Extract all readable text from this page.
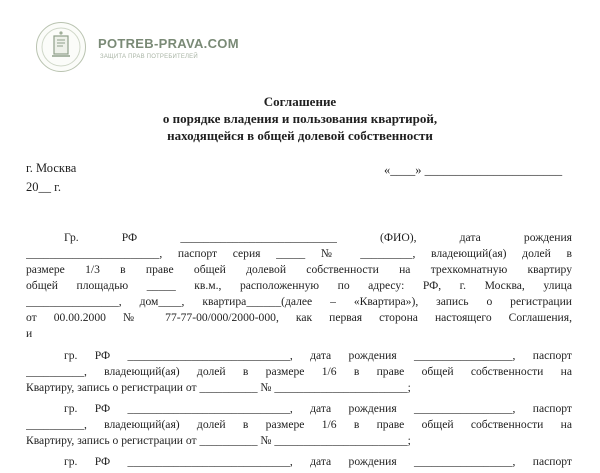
POTREB-PRAVA.COM
ЗАЩИТА ПРАВ ПОТРЕБИТЕЛЕЙ
Соглашение
о порядке владения и пользования квартирой,
находящейся в общей долевой собственности
г. Москва
20__ г.
«____» ______________________
Гр. РФ ___________________________ (ФИО), дата рождения
_______________________, паспорт серия _____ № _________, владеющий(ая) долей в
размере 1/3 в праве общей долевой собственности на трехкомнатную квартиру
общей площадью _____ кв.м., расположенную по адресу: РФ, г. Москва, улица
________________, дом____, квартира______(далее – «Квартира»), запись о регистрации
от 00.00.2000 № 77-77-00/000/2000-000, как первая сторона настоящего Соглашения,
и
гр. РФ ____________________________, дата рождения _________________, паспорт
__________, владеющий(ая) долей в размере 1/6 в праве общей собственности на
Квартиру, запись о регистрации от __________ № _______________________;
гр. РФ ____________________________, дата рождения _________________, паспорт
__________, владеющий(ая) долей в размере 1/6 в праве общей собственности на
Квартиру, запись о регистрации от __________ № _______________________;
гр. РФ ____________________________, дата рождения _________________, паспорт
